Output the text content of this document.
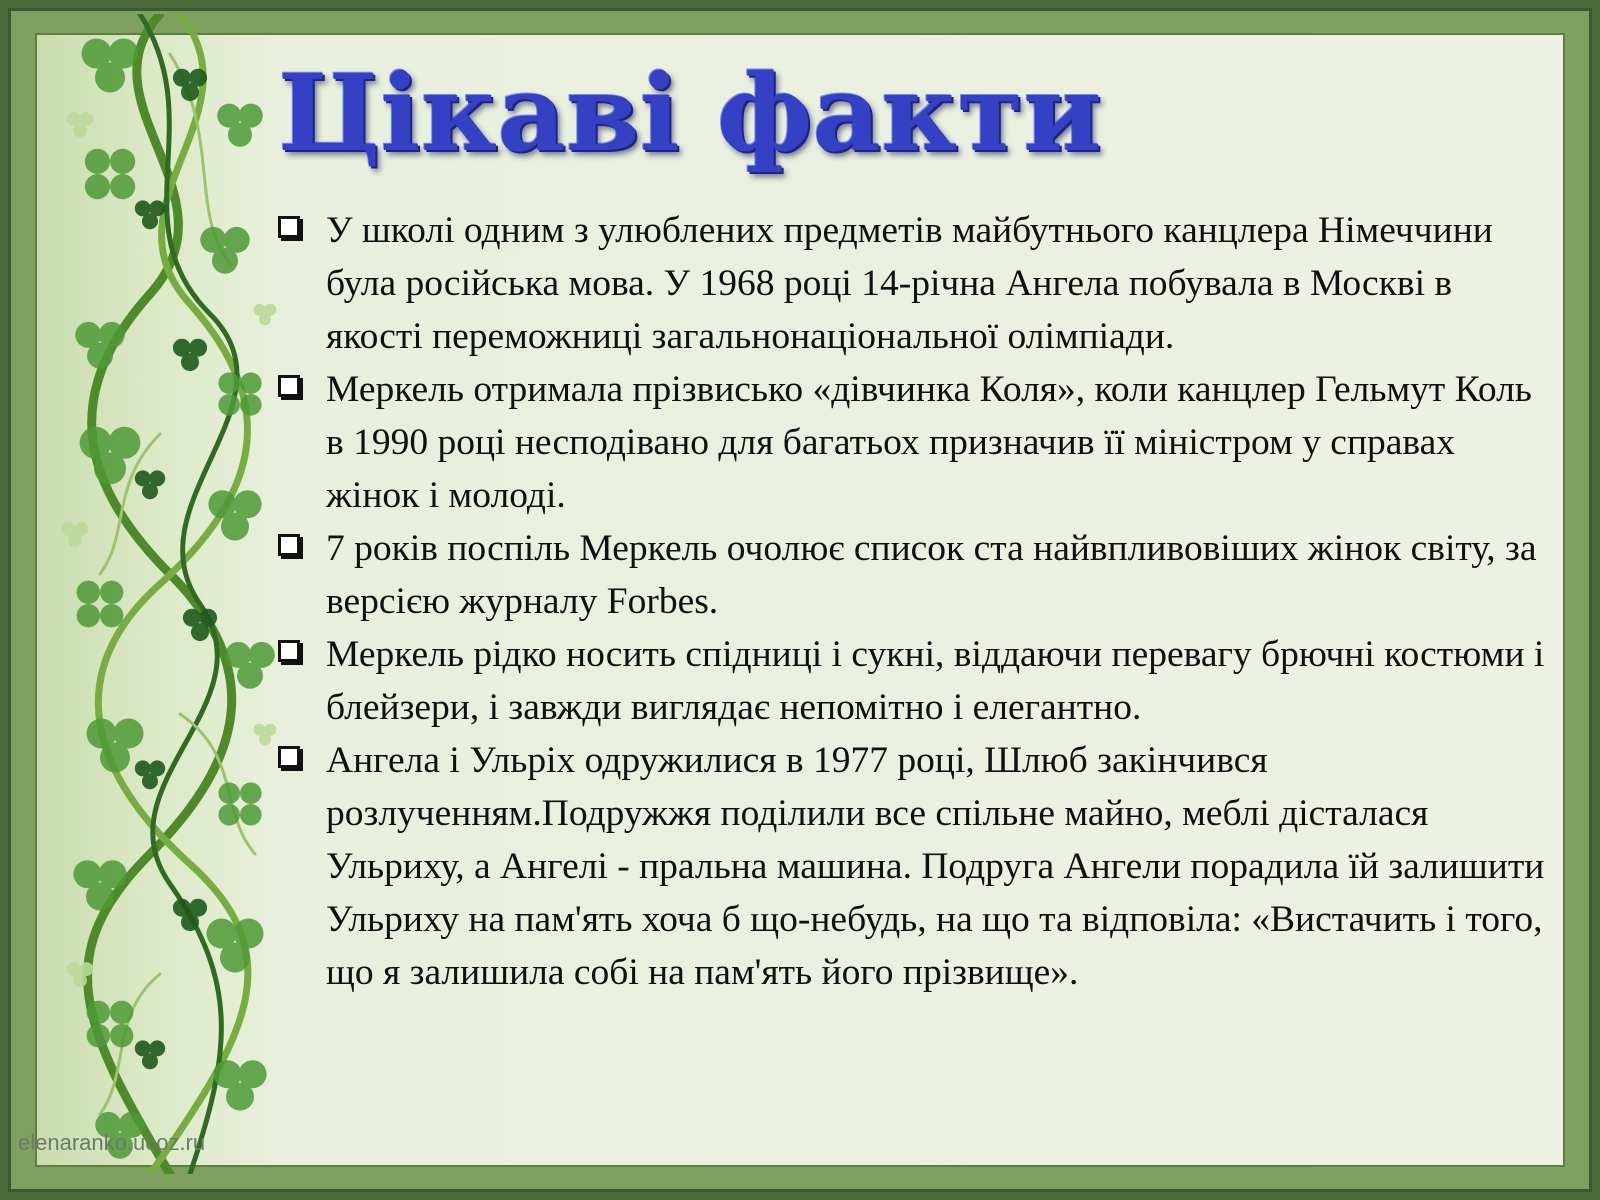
Цікаві факти
У школі одним з улюблених предметів майбутнього канцлера Німеччини була російська мова. У 1968 році 14-річна Ангела побувала в Москві в якості переможниці загальнонаціональної олімпіади.
Меркель отримала прізвисько «дівчинка Коля», коли канцлер Гельмут Коль в 1990 році несподівано для багатьох призначив її міністром у справах жінок і молоді.
7 років поспіль Меркель очолює список ста найвпливовіших жінок світу, за версією журналу Forbes.
Меркель рідко носить спідниці і сукні, віддаючи перевагу брючні костюми і блейзери, і завжди виглядає непомітно і елегантно.
Ангела і Ульріх одружилися в 1977 році, Шлюб закінчився розлученням.Подружжя поділили все спільне майно, меблі дісталася Ульриху, а Ангелі - пральна машина. Подруга Ангели порадила їй залишити Ульриху на пам'ять хоча б що-небудь, на що та відповіла: «Вистачить і того, що я залишила собі на пам'ять його прізвище».
elenaranko.ucoz.ru
